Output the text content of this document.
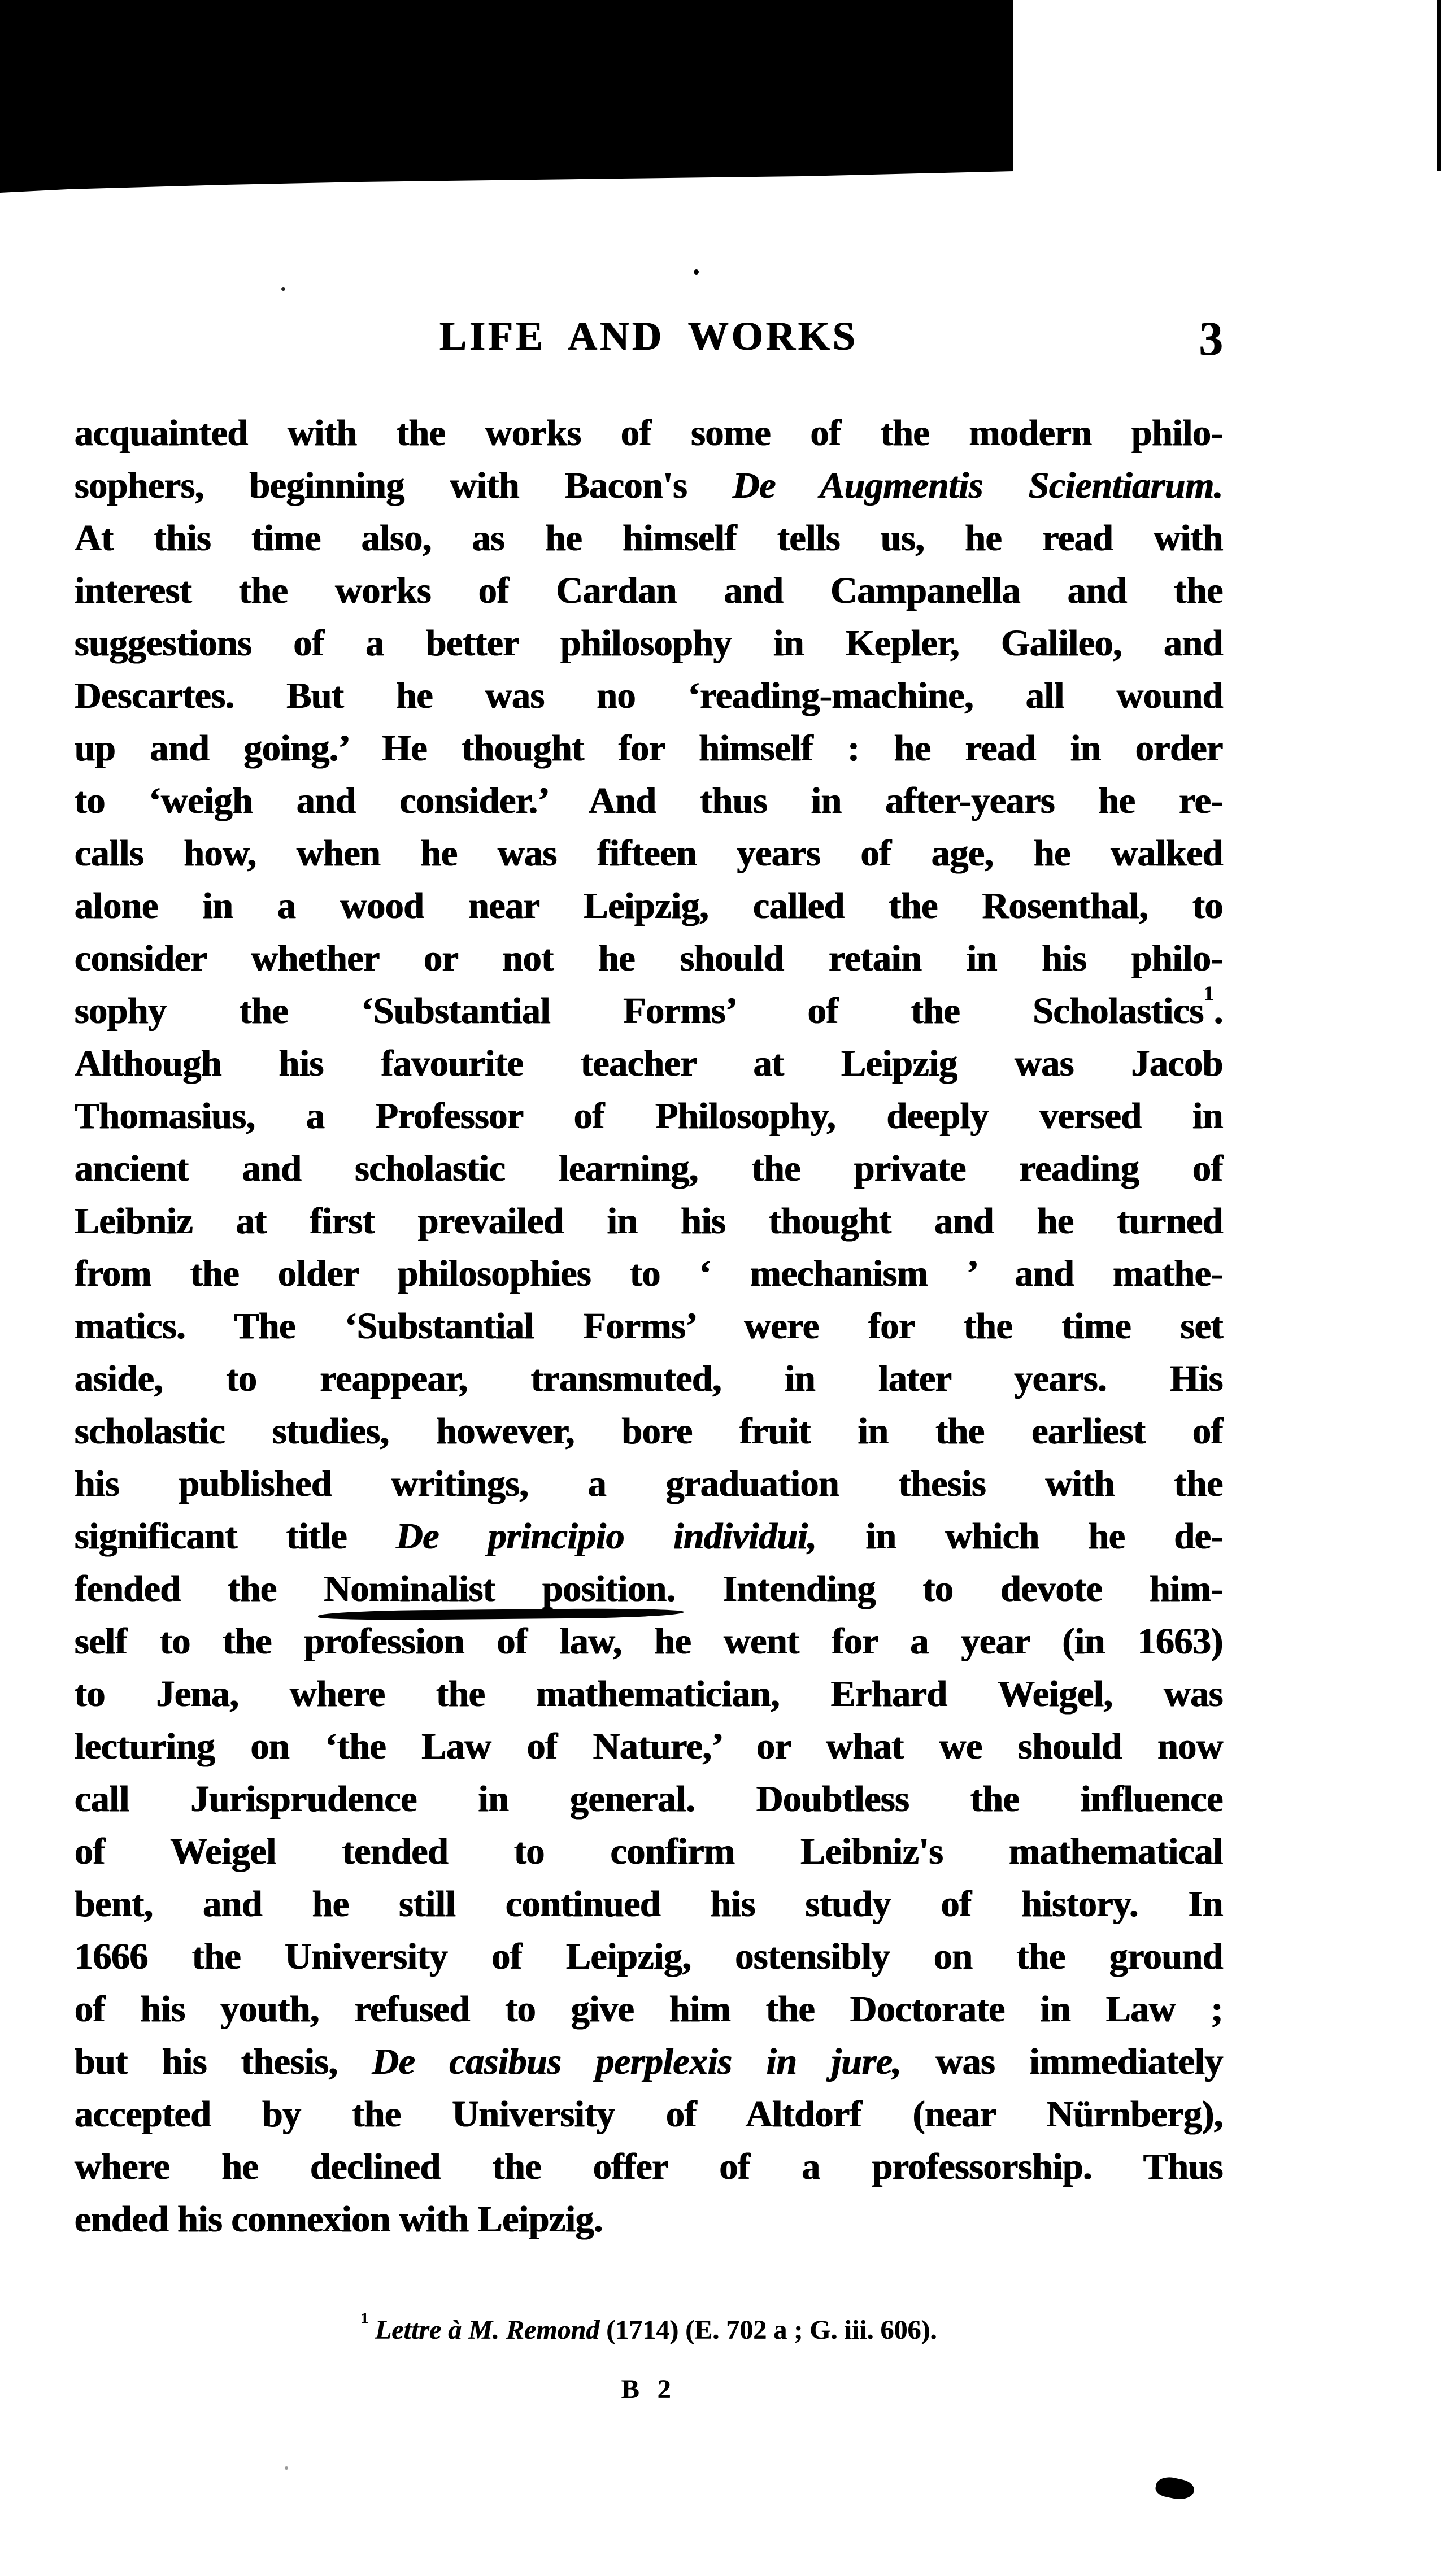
LIFE AND WORKS	3
acquainted with the works of some of the modern philo-
sophers, beginning with Bacon's De Augmentis Scientiarum.
At this time also, as he himself tells us, he read with
interest the works of Cardan and Campanella and the
suggestions of a better philosophy in Kepler, Galileo, and
Descartes. But he was no ‘reading-machine, all wound
up and going.’ He thought for himself : he read in order
to ‘weigh and consider.’ And thus in after-years he re-
calls how, when he was fifteen years of age, he walked
alone in a wood near Leipzig, called the Rosenthal, to
consider whether or not he should retain in his philo-
sophy the ‘Substantial Forms’ of the Scholastics$^1$.
Although his favourite teacher at Leipzig was Jacob
Thomasius, a Professor of Philosophy, deeply versed in
ancient and scholastic learning, the private reading of
Leibniz at first prevailed in his thought and he turned
from the older philosophies to ‘ mechanism ’ and mathe-
matics. The ‘Substantial Forms’ were for the time set
aside, to reappear, transmuted, in later years. His
scholastic studies, however, bore fruit in the earliest of
his published writings, a graduation thesis with the
significant title De principio individui, in which he de-
fended the Nominalist position. Intending to devote him-
self to the profession of law, he went for a year (in 1663)
to Jena, where the mathematician, Erhard Weigel, was
lecturing on ‘the Law of Nature,’ or what we should now
call Jurisprudence in general. Doubtless the influence
of Weigel tended to confirm Leibniz's mathematical
bent, and he still continued his study of history. In
1666 the University of Leipzig, ostensibly on the ground
of his youth, refused to give him the Doctorate in Law ;
but his thesis, De casibus perplexis in jure, was immediately
accepted by the University of Altdorf (near Nürnberg),
where he declined the offer of a professorship. Thus
ended his connexion with Leipzig.
$^1$ Lettre à M. Remond (1714) (E. 702 a ; G. iii. 606).
B 2
